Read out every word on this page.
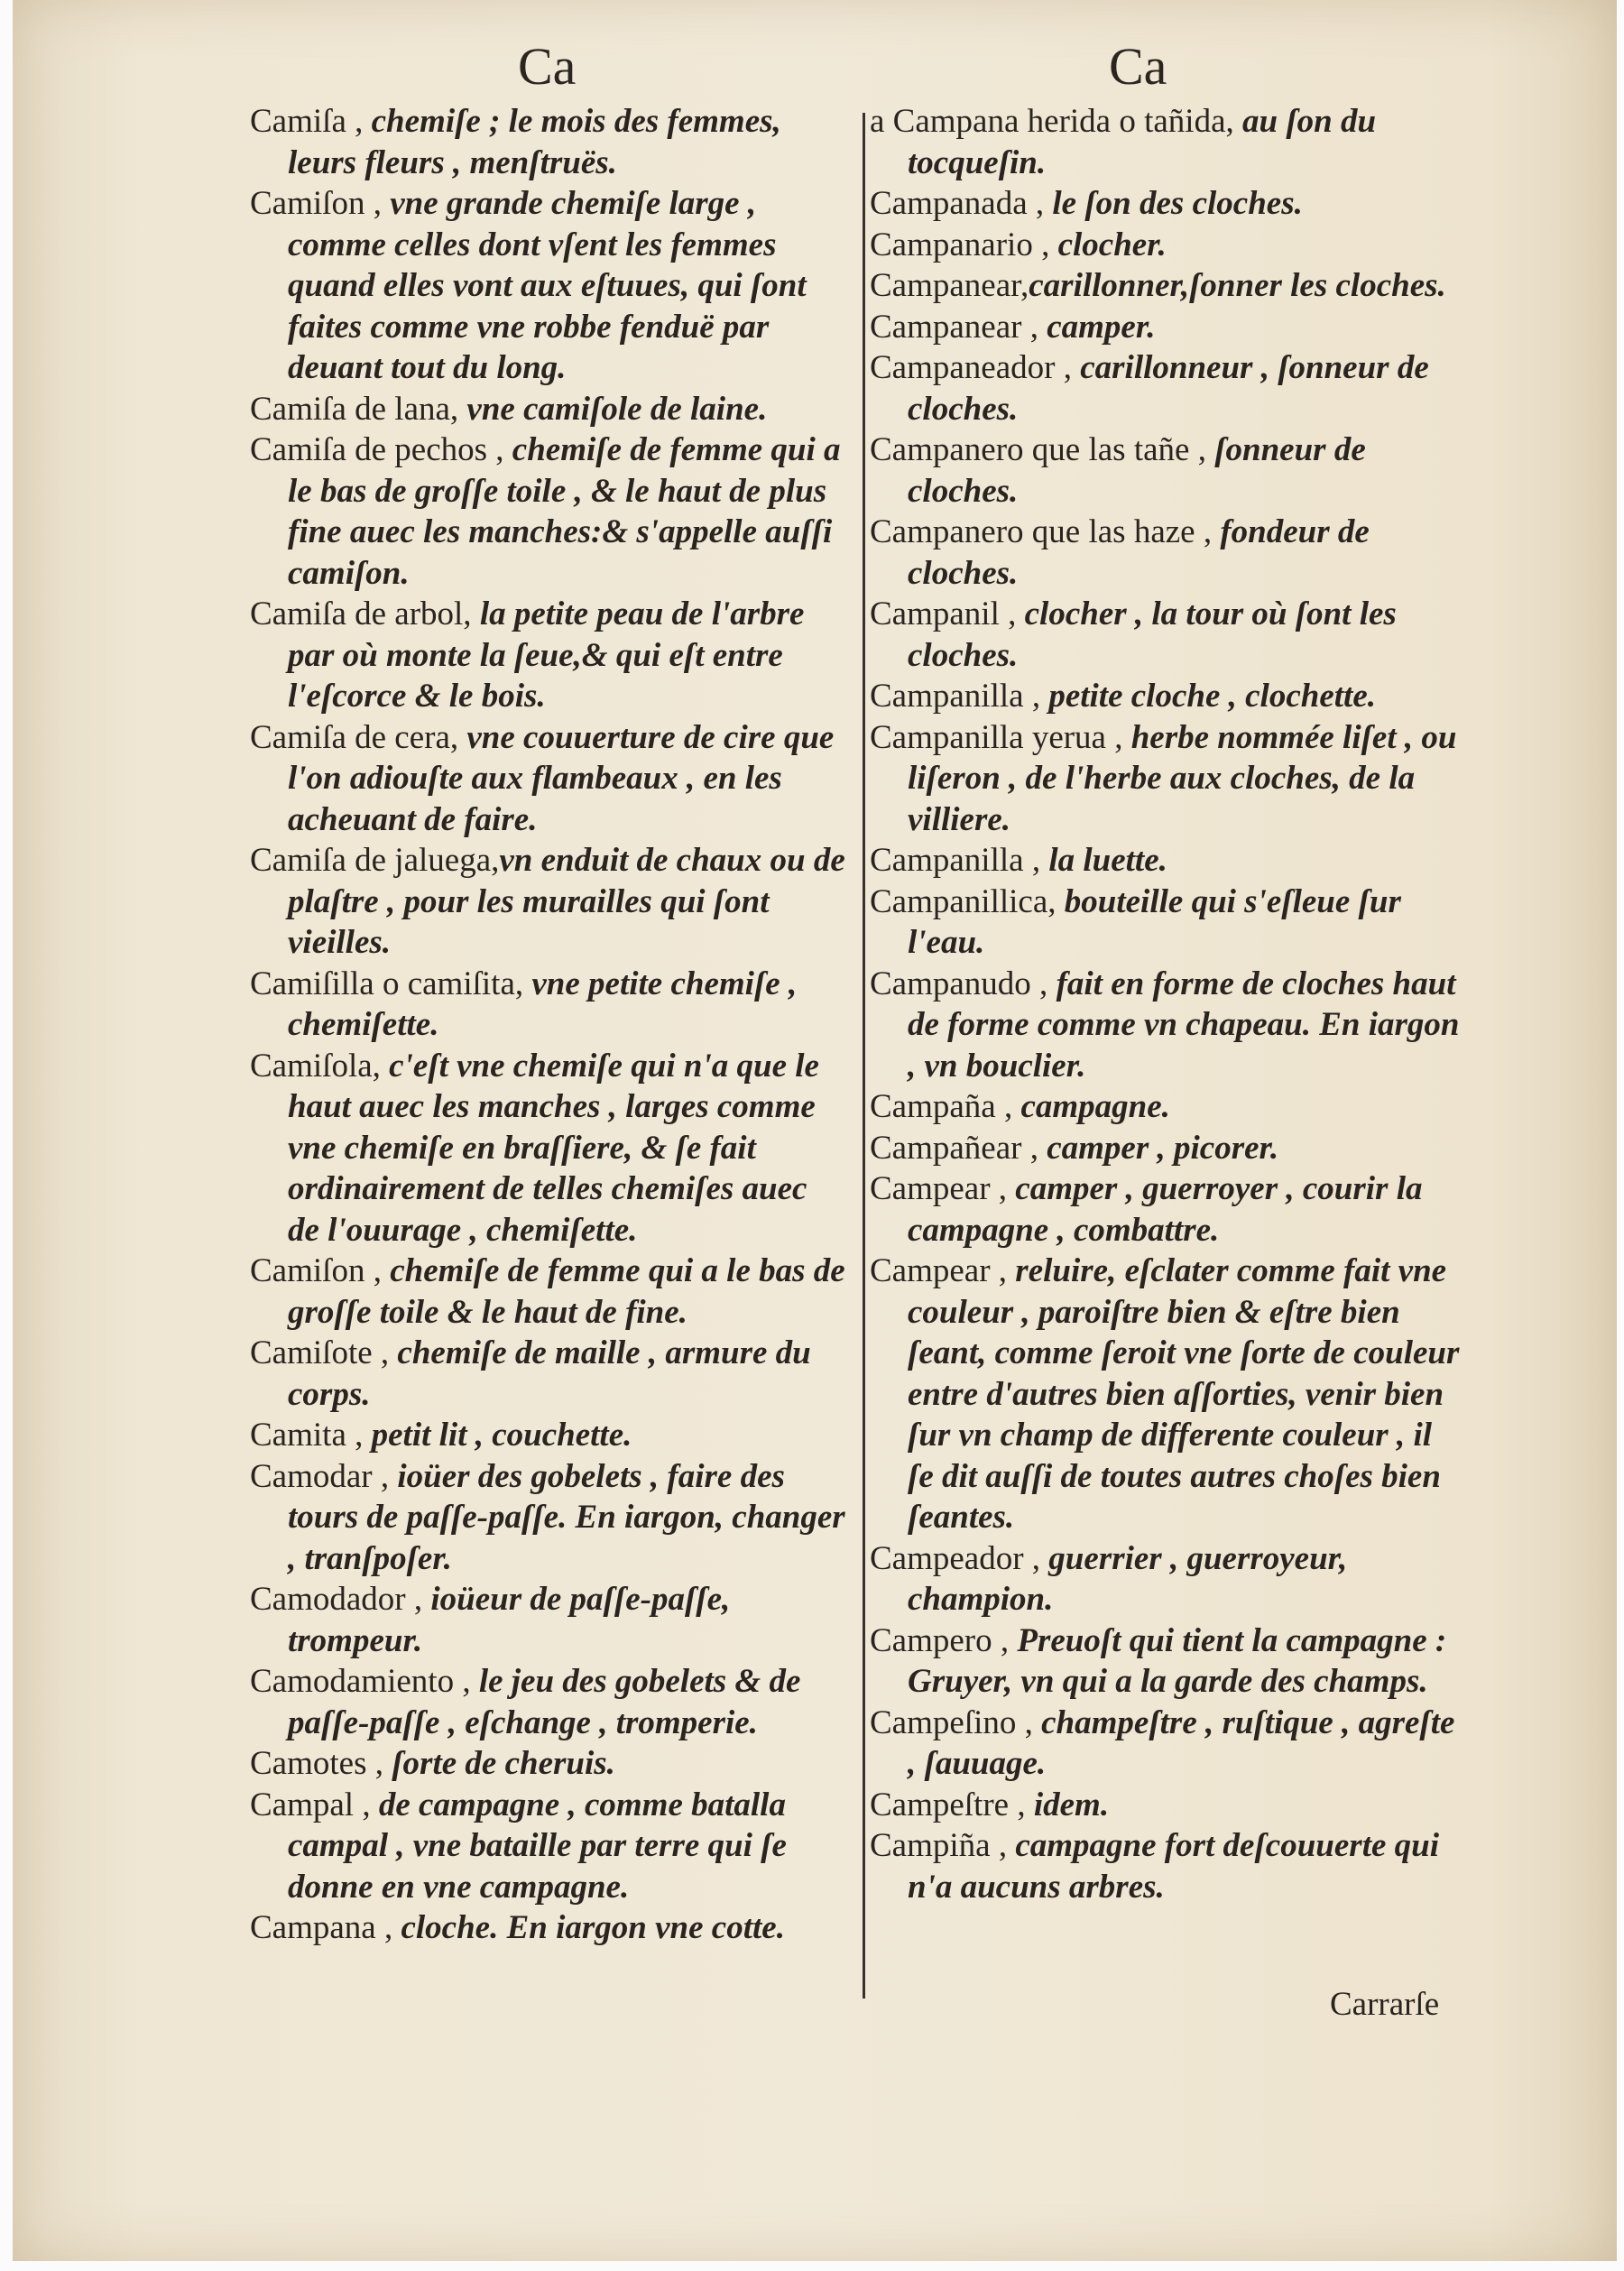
Ca	Ca
Camiſa , chemiſe ; le mois des femmes, leurs fleurs , menſtruës.
Camiſon , vne grande chemiſe large , comme celles dont vſent les femmes quand elles vont aux eſtuues, qui ſont faites comme vne robbe fenduë par deuant tout du long.
Camiſa de lana, vne camiſole de laine.
Camiſa de pechos , chemiſe de femme qui a le bas de groſſe toile , & le haut de plus fine auec les manches:& s'appelle auſſi camiſon.
Camiſa de arbol, la petite peau de l'arbre par où monte la ſeue,& qui eſt entre l'eſcorce & le bois.
Camiſa de cera, vne couuerture de cire que l'on adiouſte aux flambeaux , en les acheuant de faire.
Camiſa de jaluega,vn enduit de chaux ou de plaſtre , pour les murailles qui ſont vieilles.
Camiſilla o camiſita, vne petite chemiſe , chemiſette.
Camiſola, c'eſt vne chemiſe qui n'a que le haut auec les manches , larges comme vne chemiſe en braſſiere, & ſe fait ordinairement de telles chemiſes auec de l'ouurage , chemiſette.
Camiſon , chemiſe de femme qui a le bas de groſſe toile & le haut de fine.
Camiſote , chemiſe de maille , armure du corps.
Camita , petit lit , couchette.
Camodar , ioüer des gobelets , faire des tours de paſſe-paſſe. En iargon, changer , tranſpoſer.
Camodador , ioüeur de paſſe-paſſe, trompeur.
Camodamiento , le jeu des gobelets & de paſſe-paſſe , eſchange , tromperie.
Camotes , ſorte de cheruis.
Campal , de campagne , comme batalla campal , vne bataille par terre qui ſe donne en vne campagne.
Campana , cloche. En iargon vne cotte.
a Campana herida o tañida, au ſon du tocqueſin.
Campanada , le ſon des cloches.
Campanario , clocher.
Campanear,carillonner,ſonner les cloches.
Campanear , camper.
Campaneador , carillonneur , ſonneur de cloches.
Campanero que las tañe , ſonneur de cloches.
Campanero que las haze , fondeur de cloches.
Campanil , clocher , la tour où ſont les cloches.
Campanilla , petite cloche , clochette.
Campanilla yerua , herbe nommée liſet , ou liſeron , de l'herbe aux cloches, de la villiere.
Campanilla , la luette.
Campanillica, bouteille qui s'eſleue ſur l'eau.
Campanudo , fait en forme de cloches haut de forme comme vn chapeau. En iargon , vn bouclier.
Campaña , campagne.
Campañear , camper , picorer.
Campear , camper , guerroyer , courir la campagne , combattre.
Campear , reluire, eſclater comme fait vne couleur , paroiſtre bien & eſtre bien ſeant, comme ſeroit vne ſorte de couleur entre d'autres bien aſſorties, venir bien ſur vn champ de differente couleur , il ſe dit auſſi de toutes autres choſes bien ſeantes.
Campeador , guerrier , guerroyeur, champion.
Campero , Preuoſt qui tient la campagne : Gruyer, vn qui a la garde des champs.
Campeſino , champeſtre , ruſtique , agreſte , ſauuage.
Campeſtre , idem.
Campiña , campagne fort deſcouuerte qui n'a aucuns arbres.
Carrarſe
